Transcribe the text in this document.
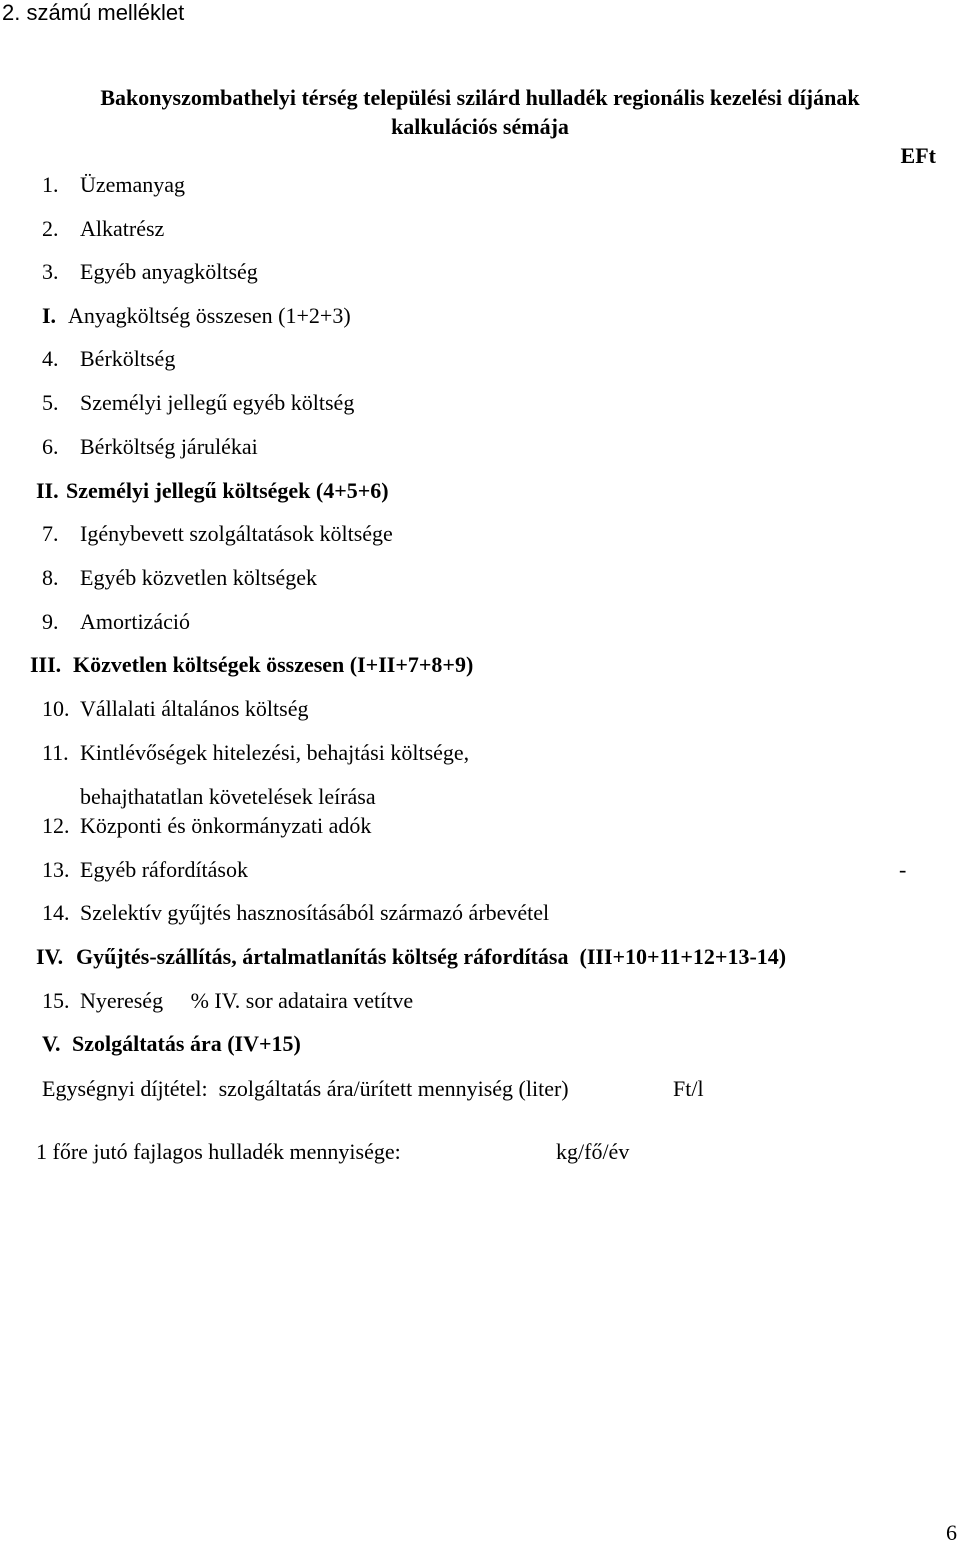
2. számú melléklet
Bakonyszombathelyi térség települési szilárd hulladék regionális kezelési díjának
kalkulációs sémája
EFt
1. Üzemanyag
2. Alkatrész
3. Egyéb anyagköltség
I. Anyagköltség összesen (1+2+3)
4. Bérköltség
5. Személyi jellegű egyéb költség
6. Bérköltség járulékai
II. Személyi jellegű költségek (4+5+6)
7. Igénybevett szolgáltatások költsége
8. Egyéb közvetlen költségek
9. Amortizáció
III. Közvetlen költségek összesen (I+II+7+8+9)
10. Vállalati általános költség
11. Kintlévőségek hitelezési, behajtási költsége,
behajthatatlan követelések leírása
12. Központi és önkormányzati adók
13. Egyéb ráfordítások	-
14. Szelektív gyűjtés hasznosításából származó árbevétel
IV. Gyűjtés-szállítás, ártalmatlanítás költség ráfordítása  (III+10+11+12+13-14)
15. Nyereség     % IV. sor adataira vetítve
V. Szolgáltatás ára (IV+15)
Egységnyi díjtétel:  szolgáltatás ára/ürített mennyiség (liter)	Ft/l
1 főre jutó fajlagos hulladék mennyisége:	kg/fő/év
6
